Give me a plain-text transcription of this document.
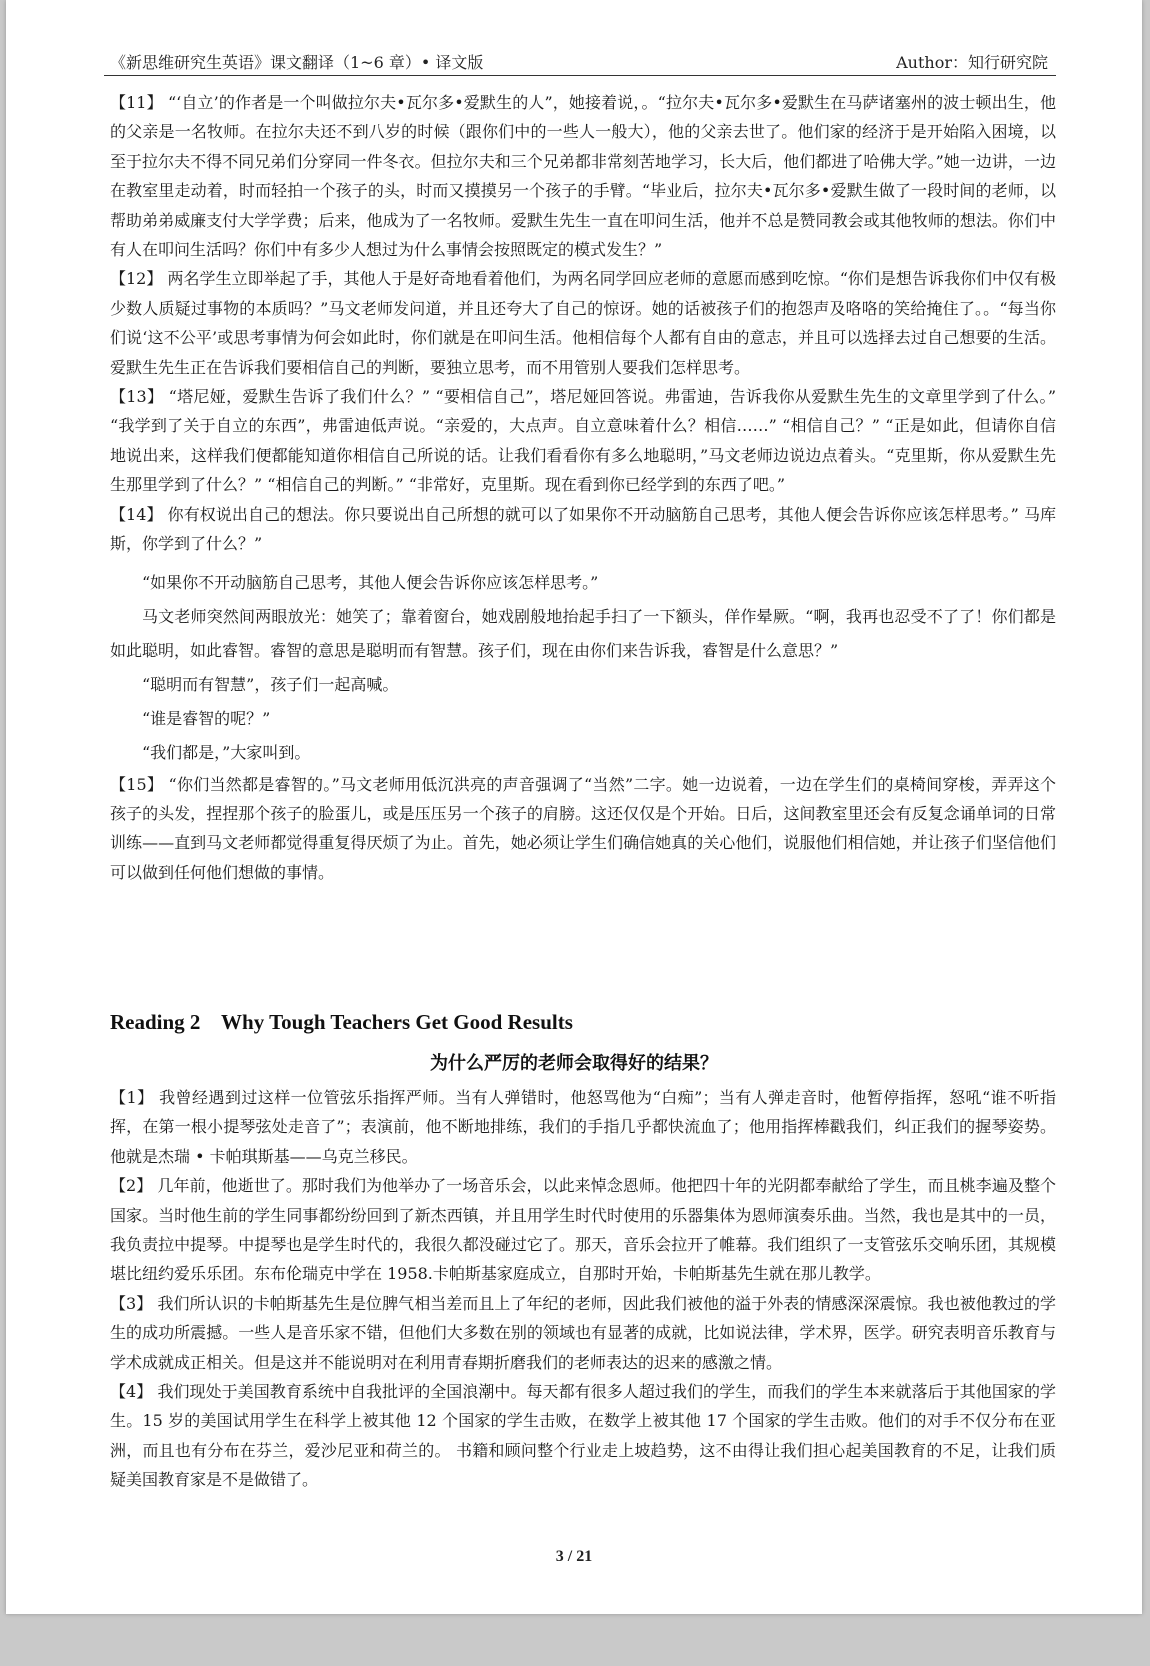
《新思维研究生英语》课文翻译（1~6 章）• 译文版	Author：知行研究院

【11】 “‘自立’的作者是一个叫做拉尔夫•瓦尔多•爱默生的人”，她接着说，。“拉尔夫•瓦尔多•爱默生在马萨诸塞州的波士顿出生，他的父亲是一名牧师。在拉尔夫还不到八岁的时候（跟你们中的一些人一般大），他的父亲去世了。他们家的经济于是开始陷入困境，以至于拉尔夫不得不同兄弟们分穿同一件冬衣。但拉尔夫和三个兄弟都非常刻苦地学习，长大后，他们都进了哈佛大学。”她一边讲，一边在教室里走动着，时而轻拍一个孩子的头，时而又摸摸另一个孩子的手臂。“毕业后，拉尔夫•瓦尔多•爱默生做了一段时间的老师，以帮助弟弟威廉支付大学学费；后来，他成为了一名牧师。爱默生先生一直在叩问生活，他并不总是赞同教会或其他牧师的想法。你们中有人在叩问生活吗？你们中有多少人想过为什么事情会按照既定的模式发生？”

【12】 两名学生立即举起了手，其他人于是好奇地看着他们，为两名同学回应老师的意愿而感到吃惊。“你们是想告诉我你们中仅有极少数人质疑过事物的本质吗？”马文老师发问道，并且还夸大了自己的惊讶。她的话被孩子们的抱怨声及咯咯的笑给掩住了。。“每当你们说‘这不公平’或思考事情为何会如此时，你们就是在叩问生活。他相信每个人都有自由的意志，并且可以选择去过自己想要的生活。爱默生先生正在告诉我们要相信自己的判断，要独立思考，而不用管别人要我们怎样思考。

【13】 “塔尼娅，爱默生告诉了我们什么？” “要相信自己”，塔尼娅回答说。弗雷迪，告诉我你从爱默生先生的文章里学到了什么。” “我学到了关于自立的东西”，弗雷迪低声说。“亲爱的，大点声。自立意味着什么？相信……” “相信自己？” “正是如此，但请你自信地说出来，这样我们便都能知道你相信自己所说的话。让我们看看你有多么地聪明，”马文老师边说边点着头。“克里斯，你从爱默生先生那里学到了什么？” “相信自己的判断。” “非常好，克里斯。现在看到你已经学到的东西了吧。”

【14】 你有权说出自己的想法。你只要说出自己所想的就可以了如果你不开动脑筋自己思考，其他人便会告诉你应该怎样思考。” 马库斯，你学到了什么？”

“如果你不开动脑筋自己思考，其他人便会告诉你应该怎样思考。”

马文老师突然间两眼放光：她笑了；靠着窗台，她戏剧般地抬起手扫了一下额头，佯作晕厥。“啊，我再也忍受不了了！你们都是如此聪明，如此睿智。睿智的意思是聪明而有智慧。孩子们，现在由你们来告诉我，睿智是什么意思？”

“聪明而有智慧”，孩子们一起高喊。

“谁是睿智的呢？”

“我们都是，”大家叫到。

【15】 “你们当然都是睿智的。”马文老师用低沉洪亮的声音强调了“当然”二字。她一边说着，一边在学生们的桌椅间穿梭，弄弄这个孩子的头发，捏捏那个孩子的脸蛋儿，或是压压另一个孩子的肩膀。这还仅仅是个开始。日后，这间教室里还会有反复念诵单词的日常训练——直到马文老师都觉得重复得厌烦了为止。首先，她必须让学生们确信她真的关心他们，说服他们相信她，并让孩子们坚信他们可以做到任何他们想做的事情。

Reading 2    Why Tough Teachers Get Good Results
为什么严厉的老师会取得好的结果？

【1】 我曾经遇到过这样一位管弦乐指挥严师。当有人弹错时，他怒骂他为“白痴”；当有人弹走音时，他暂停指挥，怒吼“谁不听指挥，在第一根小提琴弦处走音了”；表演前，他不断地排练，我们的手指几乎都快流血了；他用指挥棒戳我们，纠正我们的握琴姿势。他就是杰瑞 • 卡帕琪斯基——乌克兰移民。

【2】 几年前，他逝世了。那时我们为他举办了一场音乐会，以此来悼念恩师。他把四十年的光阴都奉献给了学生，而且桃李遍及整个国家。当时他生前的学生同事都纷纷回到了新杰西镇，并且用学生时代时使用的乐器集体为恩师演奏乐曲。当然，我也是其中的一员，我负责拉中提琴。中提琴也是学生时代的，我很久都没碰过它了。那天，音乐会拉开了帷幕。我们组织了一支管弦乐交响乐团，其规模堪比纽约爱乐乐团。东布伦瑞克中学在 1958.卡帕斯基家庭成立，自那时开始，卡帕斯基先生就在那儿教学。

【3】 我们所认识的卡帕斯基先生是位脾气相当差而且上了年纪的老师，因此我们被他的溢于外表的情感深深震惊。我也被他教过的学生的成功所震撼。一些人是音乐家不错，但他们大多数在别的领域也有显著的成就，比如说法律，学术界，医学。研究表明音乐教育与学术成就成正相关。但是这并不能说明对在利用青春期折磨我们的老师表达的迟来的感激之情。

【4】 我们现处于美国教育系统中自我批评的全国浪潮中。每天都有很多人超过我们的学生，而我们的学生本来就落后于其他国家的学生。15 岁的美国试用学生在科学上被其他 12 个国家的学生击败，在数学上被其他 17 个国家的学生击败。他们的对手不仅分布在亚洲，而且也有分布在芬兰，爱沙尼亚和荷兰的。 书籍和顾问整个行业走上坡趋势，这不由得让我们担心起美国教育的不足，让我们质疑美国教育家是不是做错了。

3 / 21
